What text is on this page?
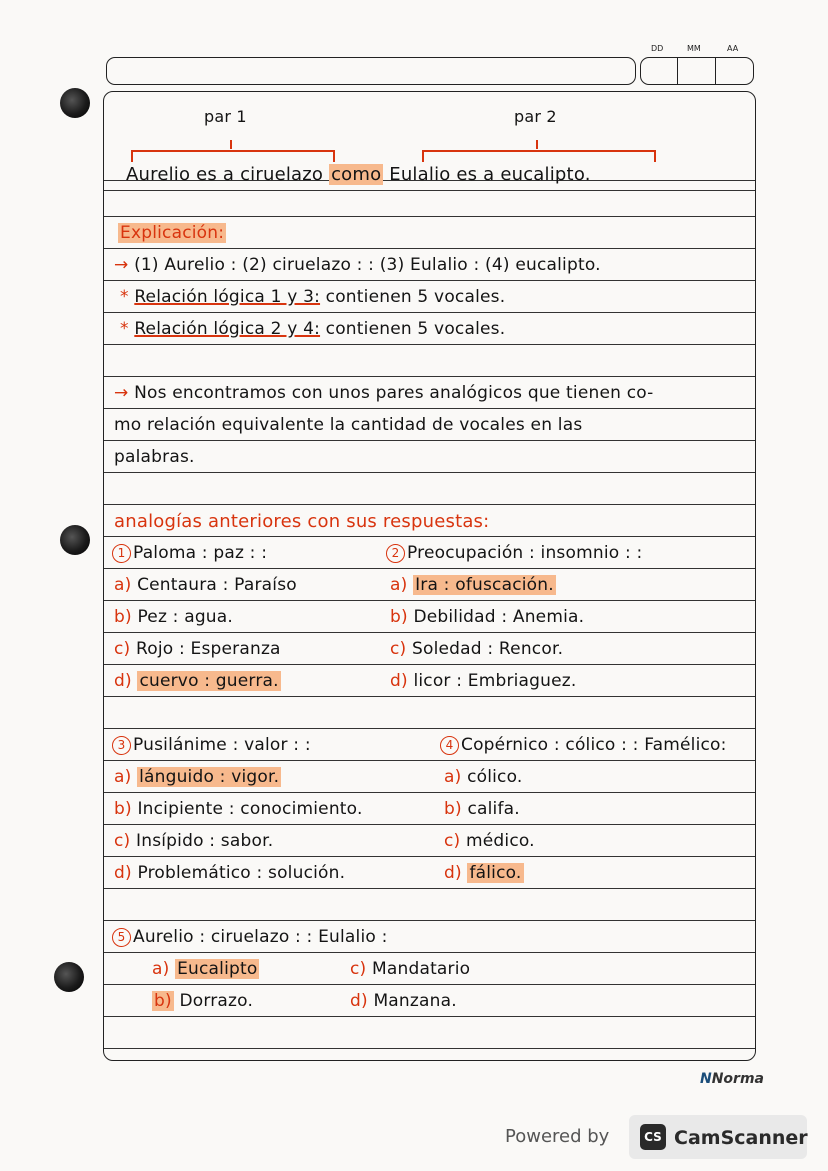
DD	MM	AA
par 1	par 2
Aurelio es a ciruelazo como Eulalio es a eucalipto.
Explicación:
→ (1) Aurelio : (2) ciruelazo : : (3) Eulalio : (4) eucalipto.
* Relación lógica 1 y 3: contienen 5 vocales.
* Relación lógica 2 y 4: contienen 5 vocales.
→ Nos encontramos con unos pares analógicos que tienen co-
mo relación equivalente la cantidad de vocales en las
palabras.
analogías anteriores con sus respuestas:
1 Paloma : paz : :
a) Centaura : Paraíso
b) Pez : agua.
c) Rojo : Esperanza
d) cuervo : guerra.
2 Preocupación : insomnio : :
a) Ira : ofuscación.
b) Debilidad : Anemia.
c) Soledad : Rencor.
d) licor : Embriaguez.
3 Pusilánime : valor : :
a) lánguido : vigor.
b) Incipiente : conocimiento.
c) Insípido : sabor.
d) Problemático : solución.
4 Copérnico : cólico : : Famélico:
a) cólico.
b) califa.
c) médico.
d) fálico.
5 Aurelio : ciruelazo : : Eulalio :
a) Eucalipto
b) Dorrazo.
c) Mandatario
d) Manzana.
NNorma
Powered by	CS CamScanner
